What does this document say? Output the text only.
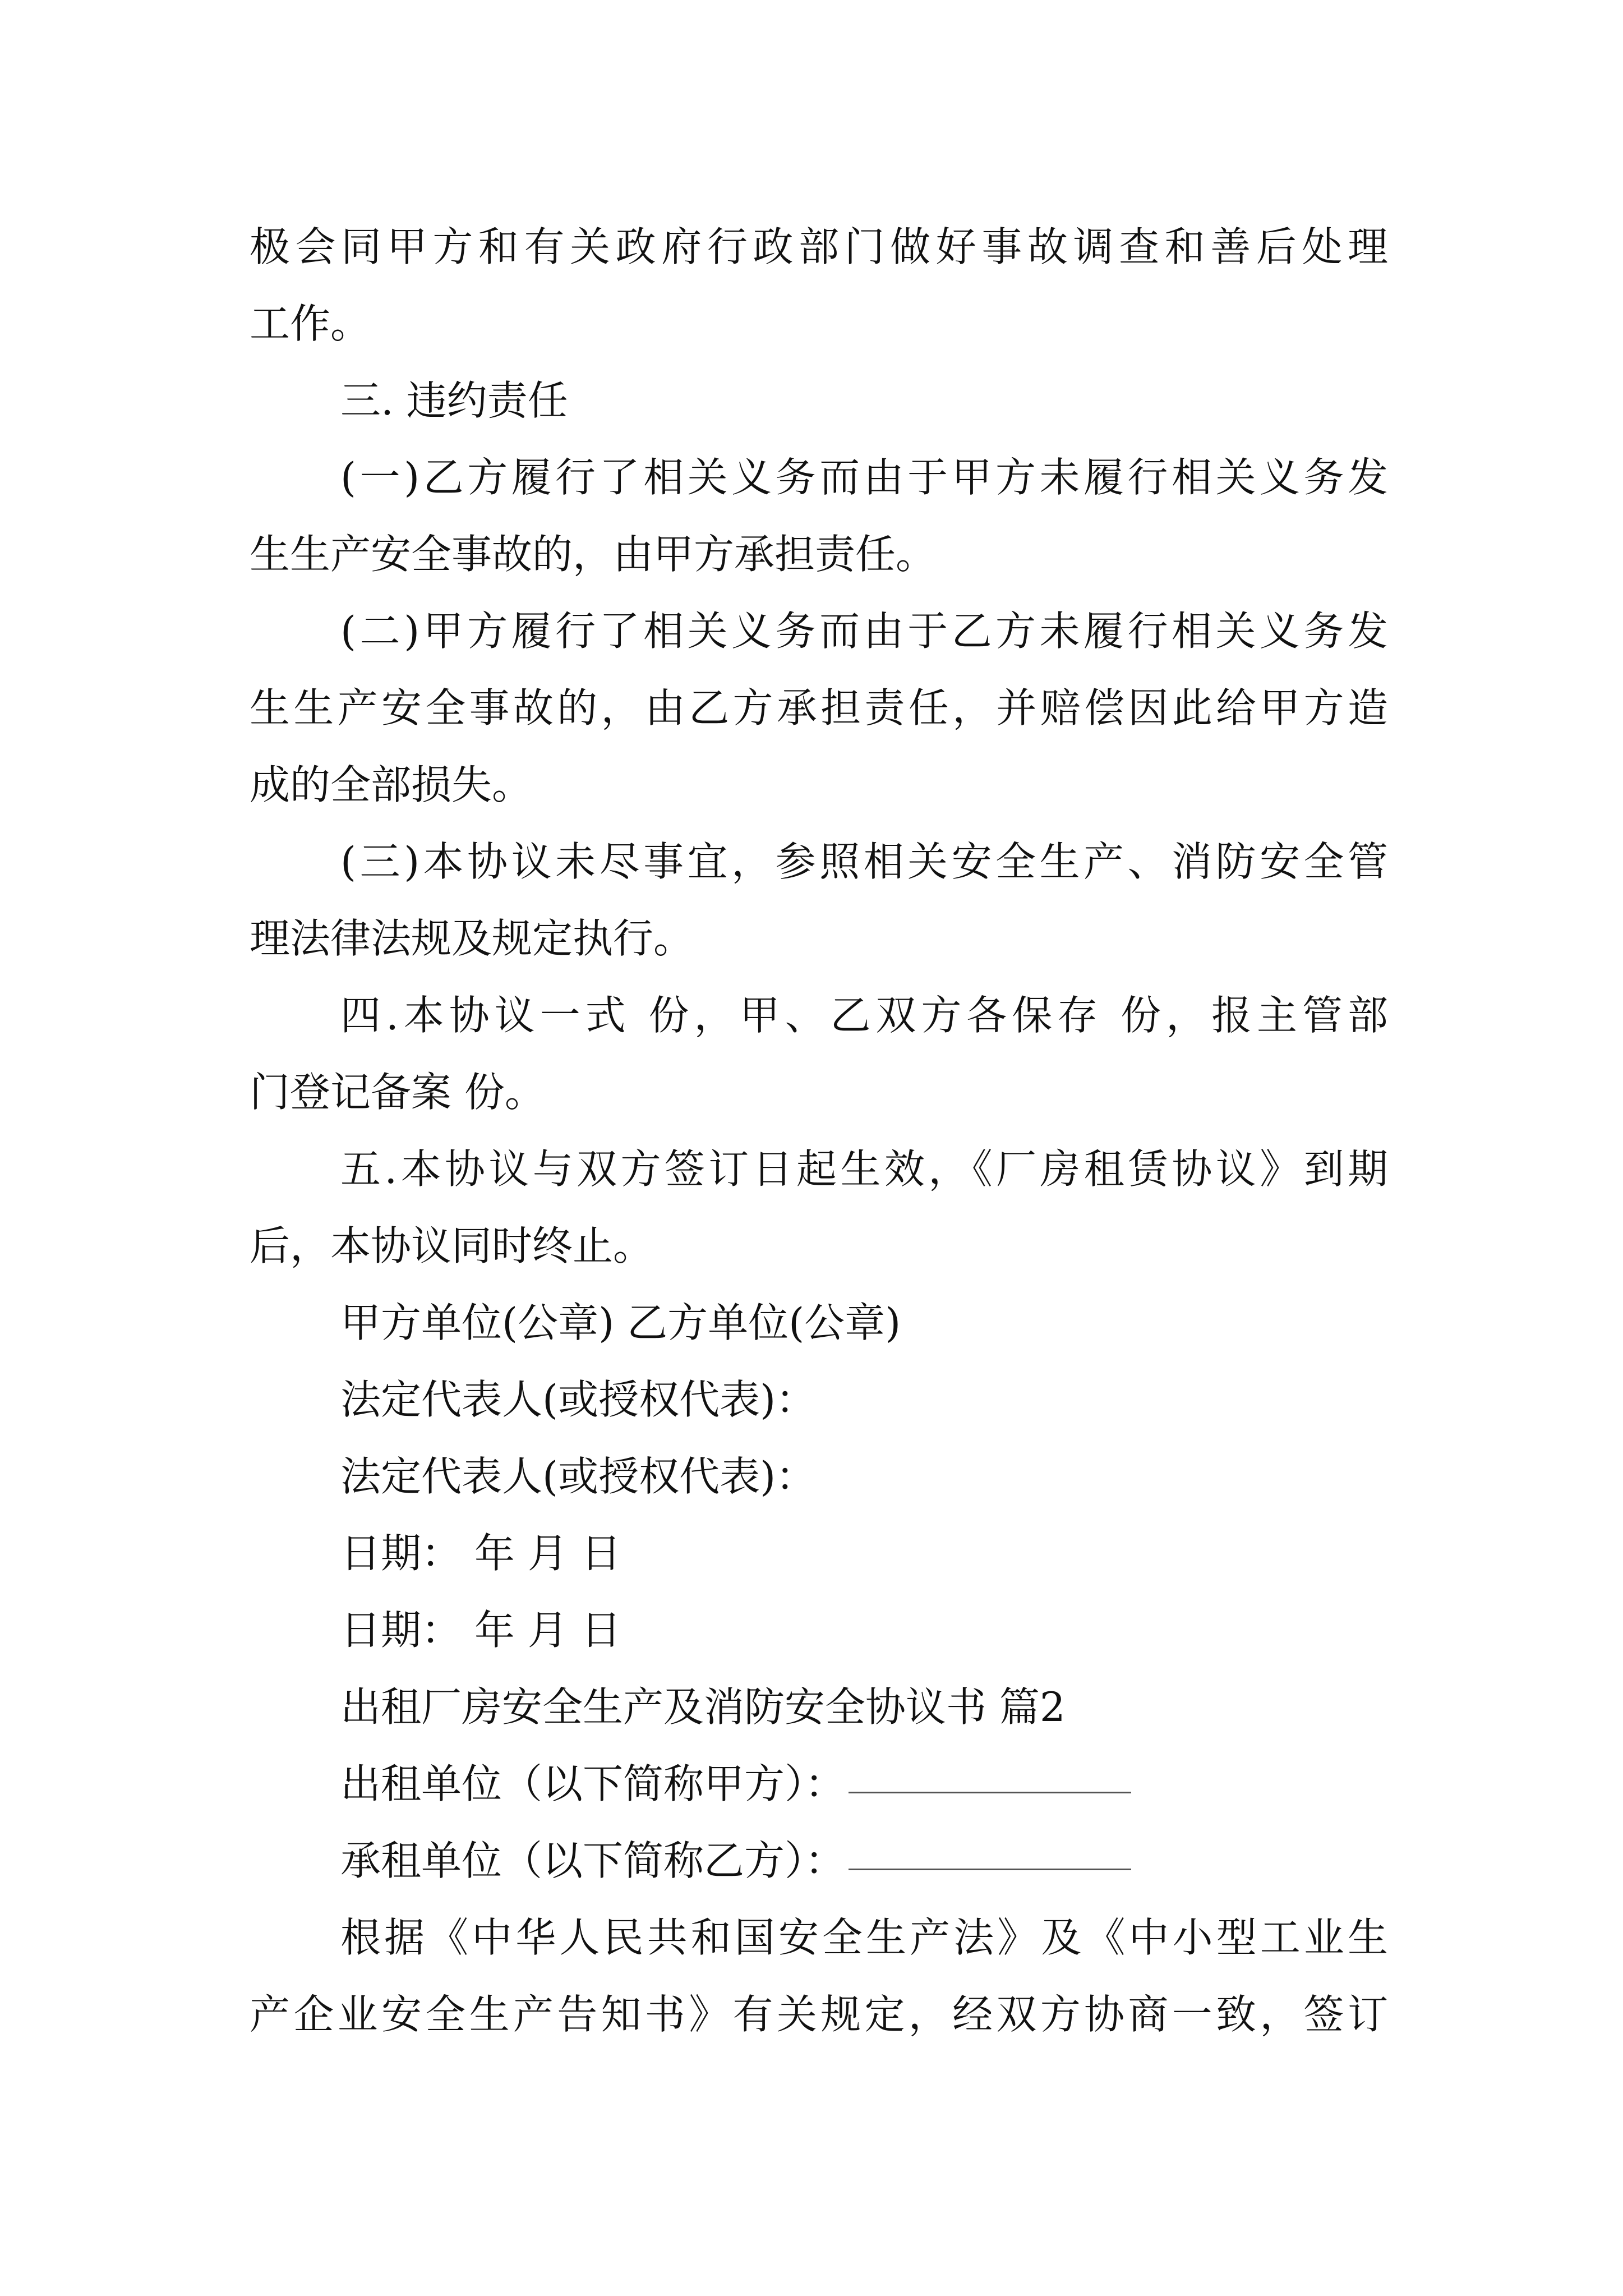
极会同甲方和有关政府行政部门做好事故调查和善后处理
工作。
三. 违约责任
(一)乙方履行了相关义务而由于甲方未履行相关义务发
生生产安全事故的，由甲方承担责任。
(二)甲方履行了相关义务而由于乙方未履行相关义务发
生生产安全事故的，由乙方承担责任，并赔偿因此给甲方造
成的全部损失。
(三)本协议未尽事宜，参照相关安全生产、消防安全管
理法律法规及规定执行。
四.本协议一式 份，甲、乙双方各保存 份，报主管部
门登记备案 份。
五.本协议与双方签订日起生效，《厂房租赁协议》到期
后，本协议同时终止。
甲方单位(公章) 乙方单位(公章)
法定代表人(或授权代表)：
法定代表人(或授权代表)：
日期： 年 月 日
日期： 年 月 日
出租厂房安全生产及消防安全协议书 篇2
出租单位（以下简称甲方）：
承租单位（以下简称乙方）：
根据《中华人民共和国安全生产法》及《中小型工业生
产企业安全生产告知书》有关规定，经双方协商一致，签订
